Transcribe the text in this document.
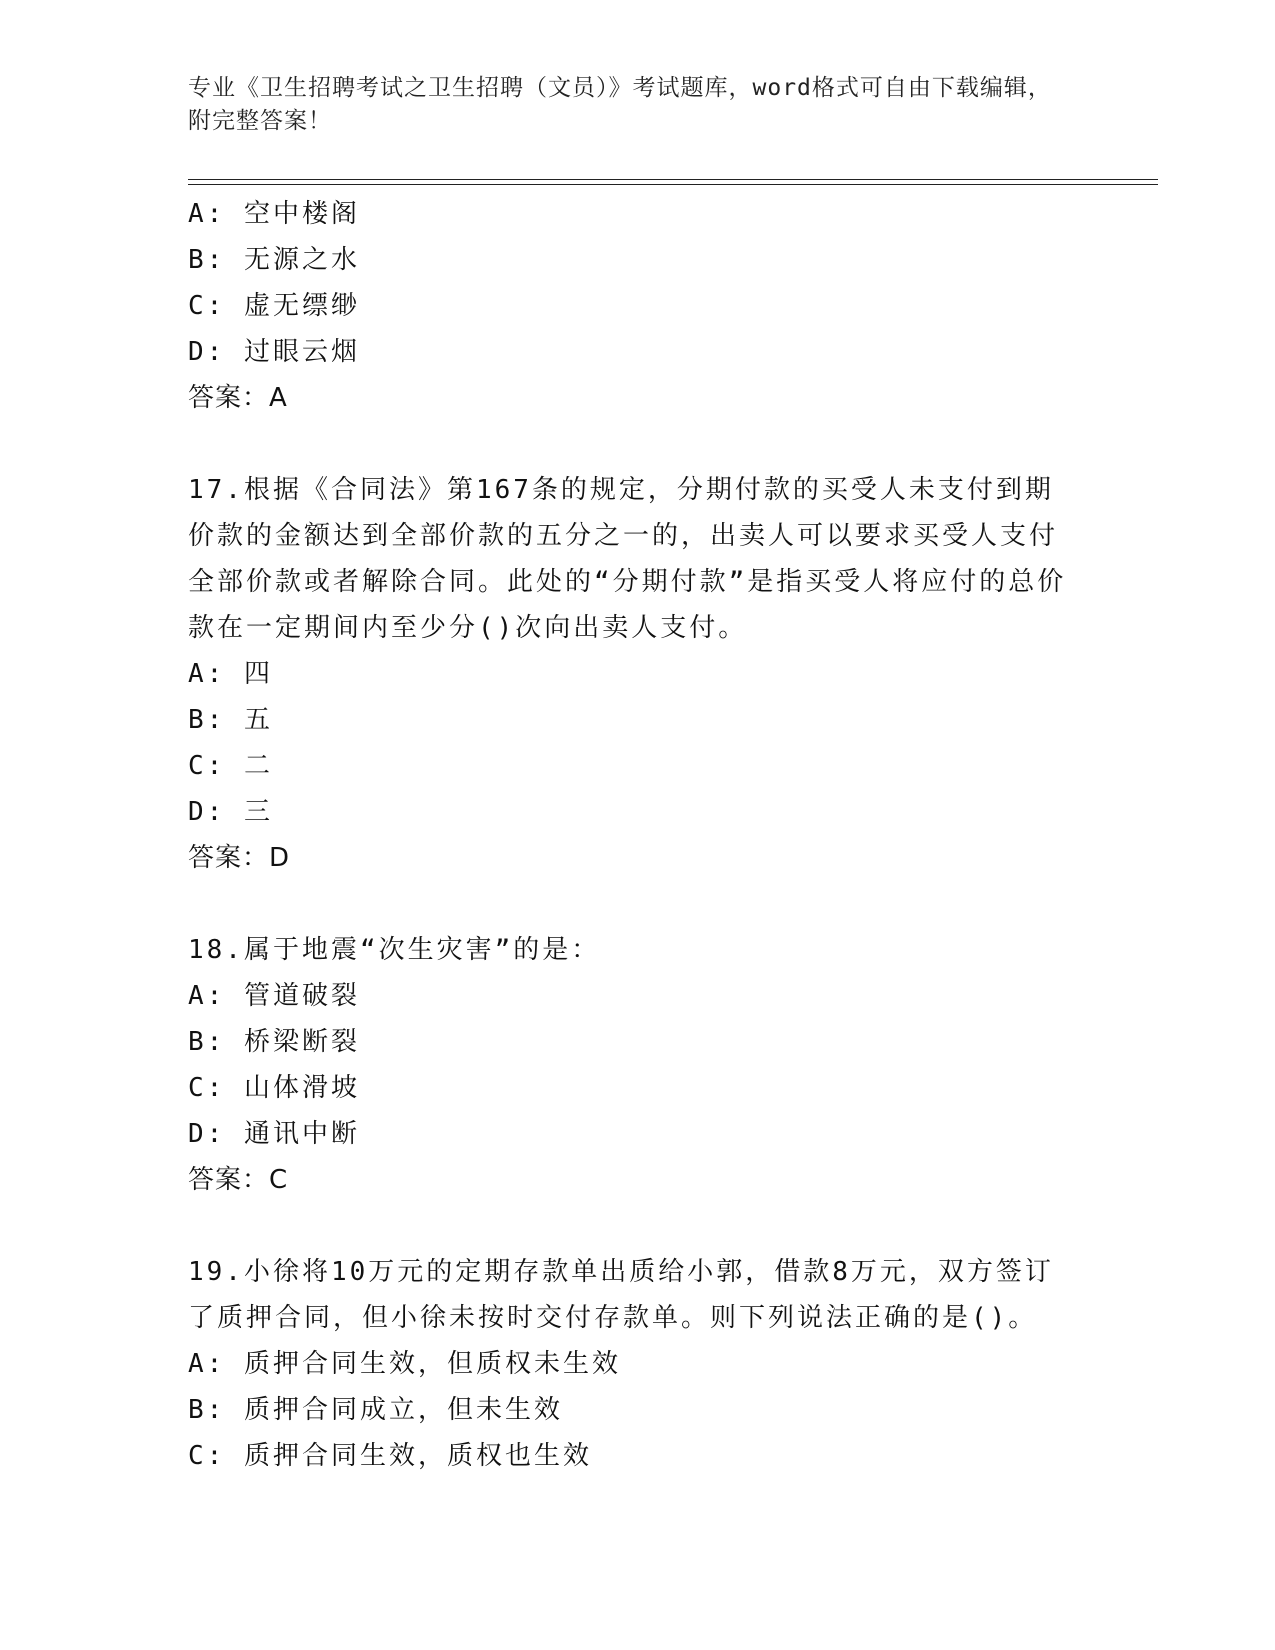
专业《卫生招聘考试之卫生招聘（文员）》考试题库，word格式可自由下载编辑，附完整答案！
A: 空中楼阁
B: 无源之水
C: 虚无缥缈
D: 过眼云烟
答案：A
17.根据《合同法》第167条的规定，分期付款的买受人未支付到期价款的金额达到全部价款的五分之一的，出卖人可以要求买受人支付全部价款或者解除合同。此处的“分期付款”是指买受人将应付的总价款在一定期间内至少分()次向出卖人支付。
A: 四
B: 五
C: 二
D: 三
答案：D
18.属于地震“次生灾害”的是：
A: 管道破裂
B: 桥梁断裂
C: 山体滑坡
D: 通讯中断
答案：C
19.小徐将10万元的定期存款单出质给小郭，借款8万元，双方签订了质押合同，但小徐未按时交付存款单。则下列说法正确的是()。
A: 质押合同生效，但质权未生效
B: 质押合同成立，但未生效
C: 质押合同生效，质权也生效
